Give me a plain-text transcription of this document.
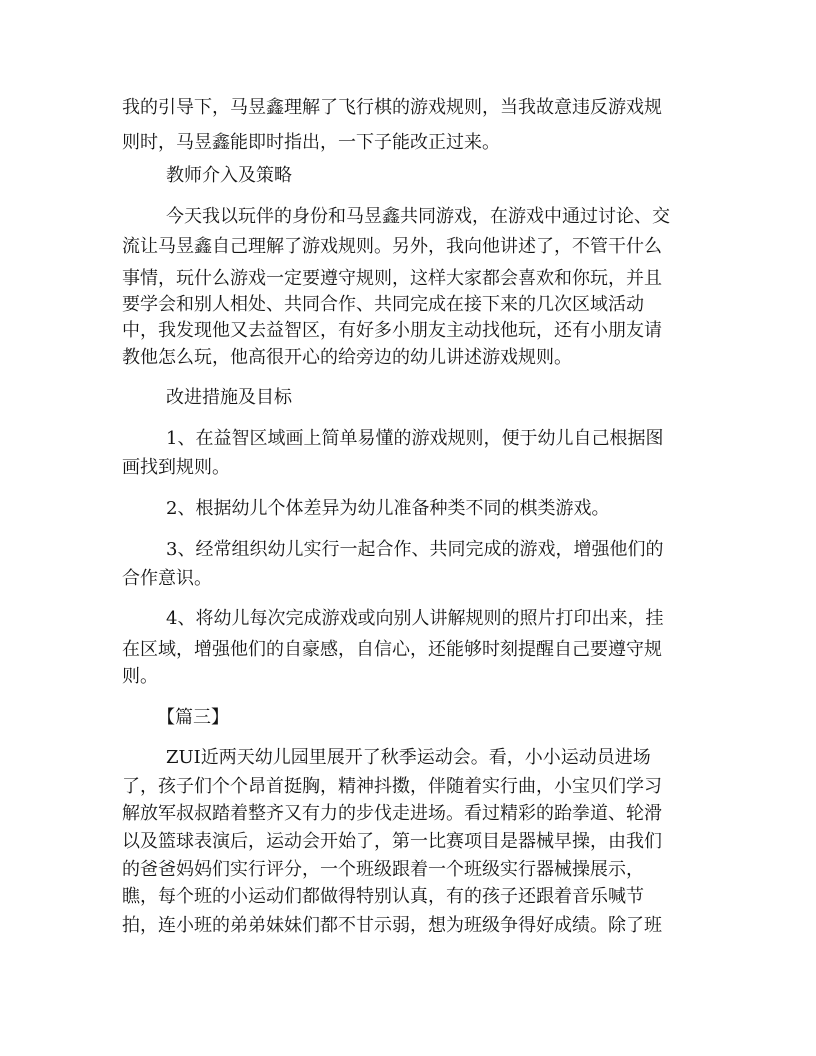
我的引导下，马昱鑫理解了飞行棋的游戏规则，当我故意违反游戏规

则时，马昱鑫能即时指出，一下子能改正过来。

教师介入及策略

今天我以玩伴的身份和马昱鑫共同游戏，在游戏中通过讨论、交

流让马昱鑫自己理解了游戏规则。另外，我向他讲述了，不管干什么

事情，玩什么游戏一定要遵守规则，这样大家都会喜欢和你玩，并且

要学会和别人相处、共同合作、共同完成在接下来的几次区域活动

中，我发现他又去益智区，有好多小朋友主动找他玩，还有小朋友请

教他怎么玩，他高很开心的给旁边的幼儿讲述游戏规则。

改进措施及目标

1、在益智区域画上简单易懂的游戏规则，便于幼儿自己根据图

画找到规则。

2、根据幼儿个体差异为幼儿准备种类不同的棋类游戏。

3、经常组织幼儿实行一起合作、共同完成的游戏，增强他们的

合作意识。

4、将幼儿每次完成游戏或向别人讲解规则的照片打印出来，挂

在区域，增强他们的自豪感，自信心，还能够时刻提醒自己要遵守规

则。

【篇三】

ZUI近两天幼儿园里展开了秋季运动会。看，小小运动员进场

了，孩子们个个昂首挺胸，精神抖擞，伴随着实行曲，小宝贝们学习

解放军叔叔踏着整齐又有力的步伐走进场。看过精彩的跆拳道、轮滑

以及篮球表演后，运动会开始了，第一比赛项目是器械早操，由我们

的爸爸妈妈们实行评分，一个班级跟着一个班级实行器械操展示，

瞧，每个班的小运动们都做得特别认真，有的孩子还跟着音乐喊节

拍，连小班的弟弟妹妹们都不甘示弱，想为班级争得好成绩。除了班
